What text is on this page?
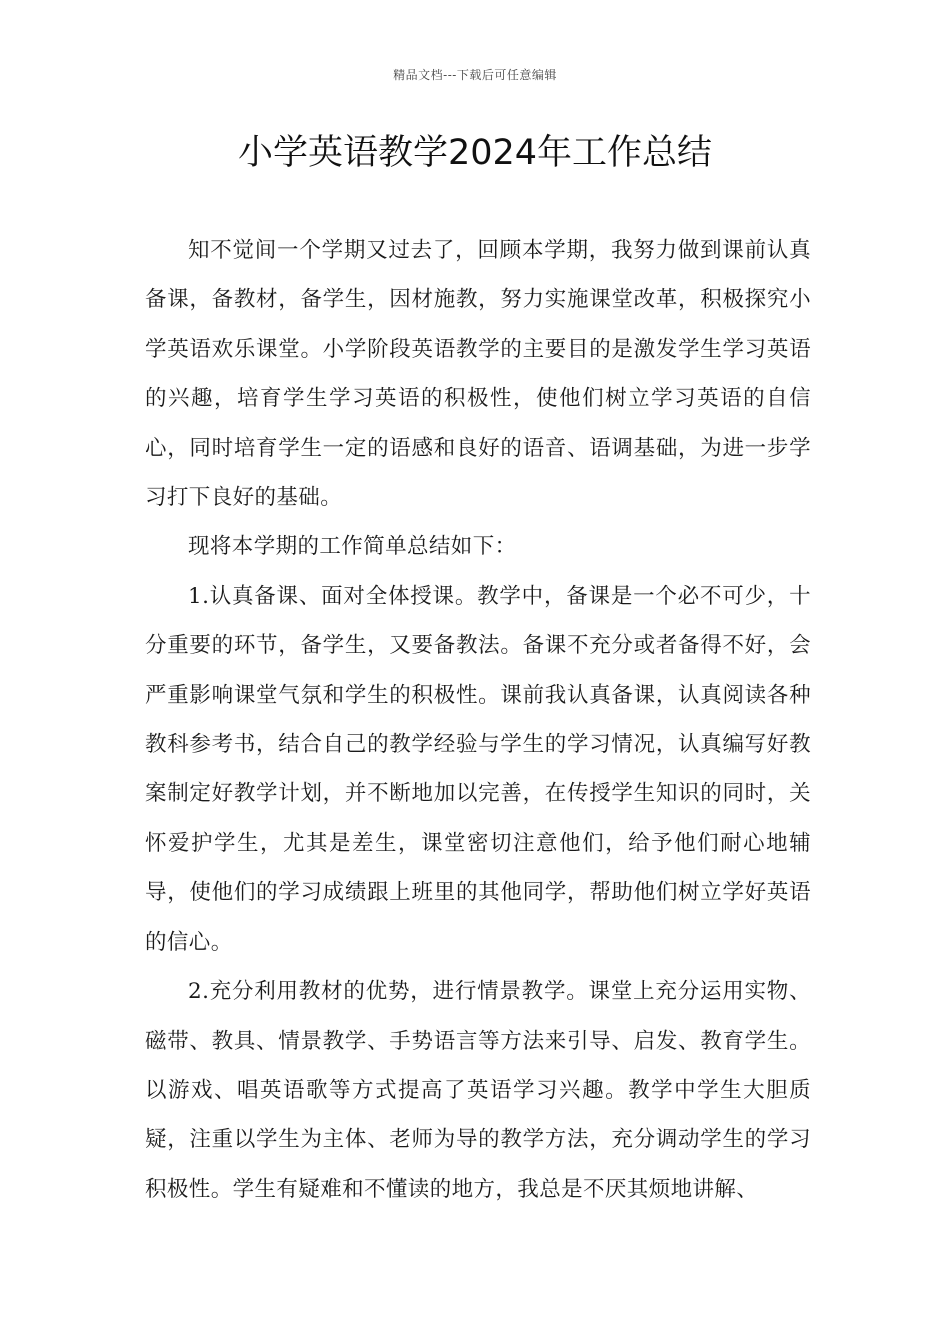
精品文档---下载后可任意编辑
小学英语教学2024年工作总结

知不觉间一个学期又过去了，回顾本学期，我努力做到课前认真备课，备教材，备学生，因材施教，努力实施课堂改革，积极探究小学英语欢乐课堂。小学阶段英语教学的主要目的是激发学生学习英语的兴趣，培育学生学习英语的积极性，使他们树立学习英语的自信心，同时培育学生一定的语感和良好的语音、语调基础，为进一步学习打下良好的基础。

现将本学期的工作简单总结如下：

1.认真备课、面对全体授课。教学中，备课是一个必不可少，十分重要的环节，备学生，又要备教法。备课不充分或者备得不好，会严重影响课堂气氛和学生的积极性。课前我认真备课，认真阅读各种教科参考书，结合自己的教学经验与学生的学习情况，认真编写好教案制定好教学计划，并不断地加以完善，在传授学生知识的同时，关怀爱护学生，尤其是差生，课堂密切注意他们，给予他们耐心地辅导，使他们的学习成绩跟上班里的其他同学，帮助他们树立学好英语的信心。

2.充分利用教材的优势，进行情景教学。课堂上充分运用实物、磁带、教具、情景教学、手势语言等方法来引导、启发、教育学生。以游戏、唱英语歌等方式提高了英语学习兴趣。教学中学生大胆质疑，注重以学生为主体、老师为导的教学方法，充分调动学生的学习积极性。学生有疑难和不懂读的地方，我总是不厌其烦地讲解、
